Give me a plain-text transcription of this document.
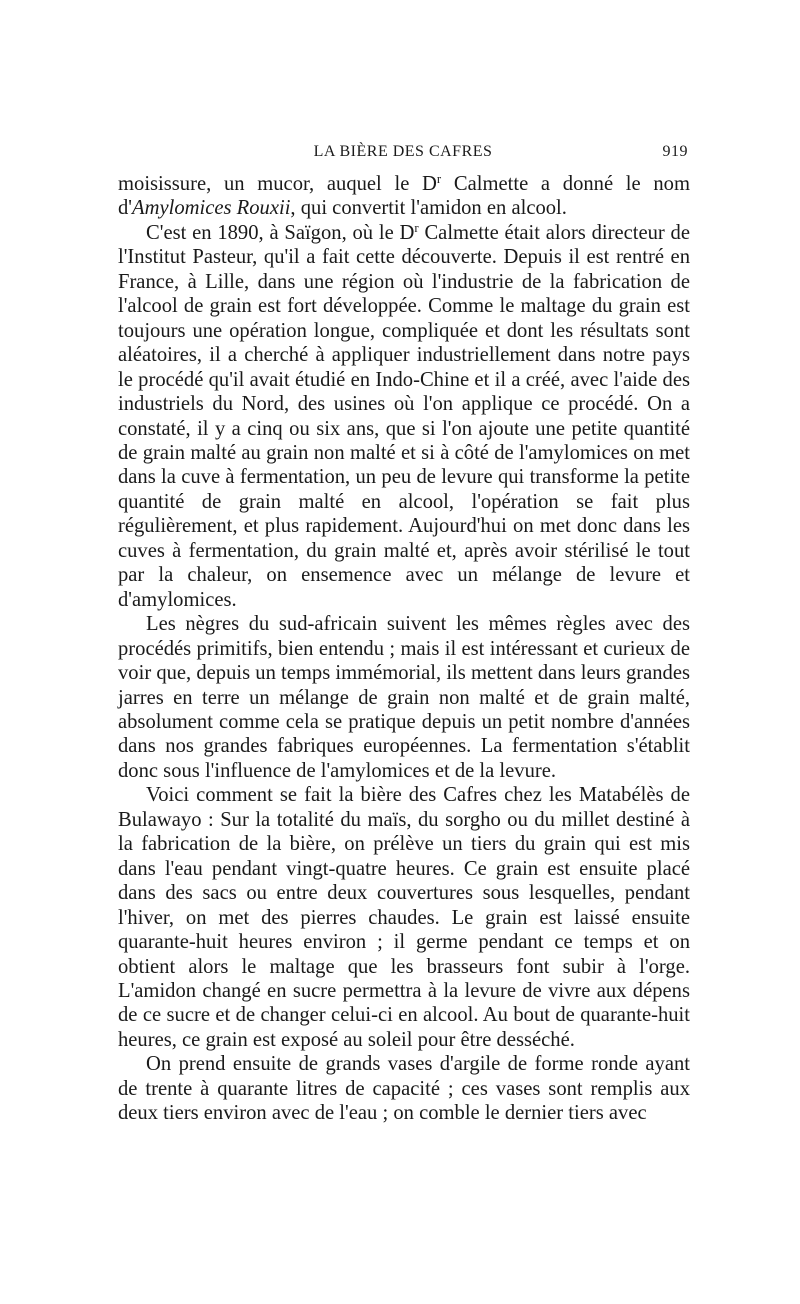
LA BIÈRE DES CAFRES	919

moisissure, un mucor, auquel le $D^r$ Calmette a donné le nom d'Amylomices Rouxii, qui convertit l'amidon en alcool.

C'est en 1890, à Saïgon, où le $D^r$ Calmette était alors directeur de l'Institut Pasteur, qu'il a fait cette découverte. Depuis il est rentré en France, à Lille, dans une région où l'industrie de la fabrication de l'alcool de grain est fort développée. Comme le maltage du grain est toujours une opération longue, compliquée et dont les résultats sont aléatoires, il a cherché à appliquer industriellement dans notre pays le procédé qu'il avait étudié en Indo-Chine et il a créé, avec l'aide des industriels du Nord, des usines où l'on applique ce procédé. On a constaté, il y a cinq ou six ans, que si l'on ajoute une petite quantité de grain malté au grain non malté et si à côté de l'amylomices on met dans la cuve à fermentation, un peu de levure qui transforme la petite quantité de grain malté en alcool, l'opération se fait plus régulièrement, et plus rapidement. Aujourd'hui on met donc dans les cuves à fermentation, du grain malté et, après avoir stérilisé le tout par la chaleur, on ensemence avec un mélange de levure et d'amylomices.

Les nègres du sud-africain suivent les mêmes règles avec des procédés primitifs, bien entendu ; mais il est intéressant et curieux de voir que, depuis un temps immémorial, ils mettent dans leurs grandes jarres en terre un mélange de grain non malté et de grain malté, absolument comme cela se pratique depuis un petit nombre d'années dans nos grandes fabriques européennes. La fermentation s'établit donc sous l'influence de l'amylomices et de la levure.

Voici comment se fait la bière des Cafres chez les Matabélès de Bulawayo : Sur la totalité du maïs, du sorgho ou du millet destiné à la fabrication de la bière, on prélève un tiers du grain qui est mis dans l'eau pendant vingt-quatre heures. Ce grain est ensuite placé dans des sacs ou entre deux couvertures sous lesquelles, pendant l'hiver, on met des pierres chaudes. Le grain est laissé ensuite quarante-huit heures environ ; il germe pendant ce temps et on obtient alors le maltage que les brasseurs font subir à l'orge. L'amidon changé en sucre permettra à la levure de vivre aux dépens de ce sucre et de changer celui-ci en alcool. Au bout de quarante-huit heures, ce grain est exposé au soleil pour être desséché.

On prend ensuite de grands vases d'argile de forme ronde ayant de trente à quarante litres de capacité ; ces vases sont remplis aux deux tiers environ avec de l'eau ; on comble le dernier tiers avec
